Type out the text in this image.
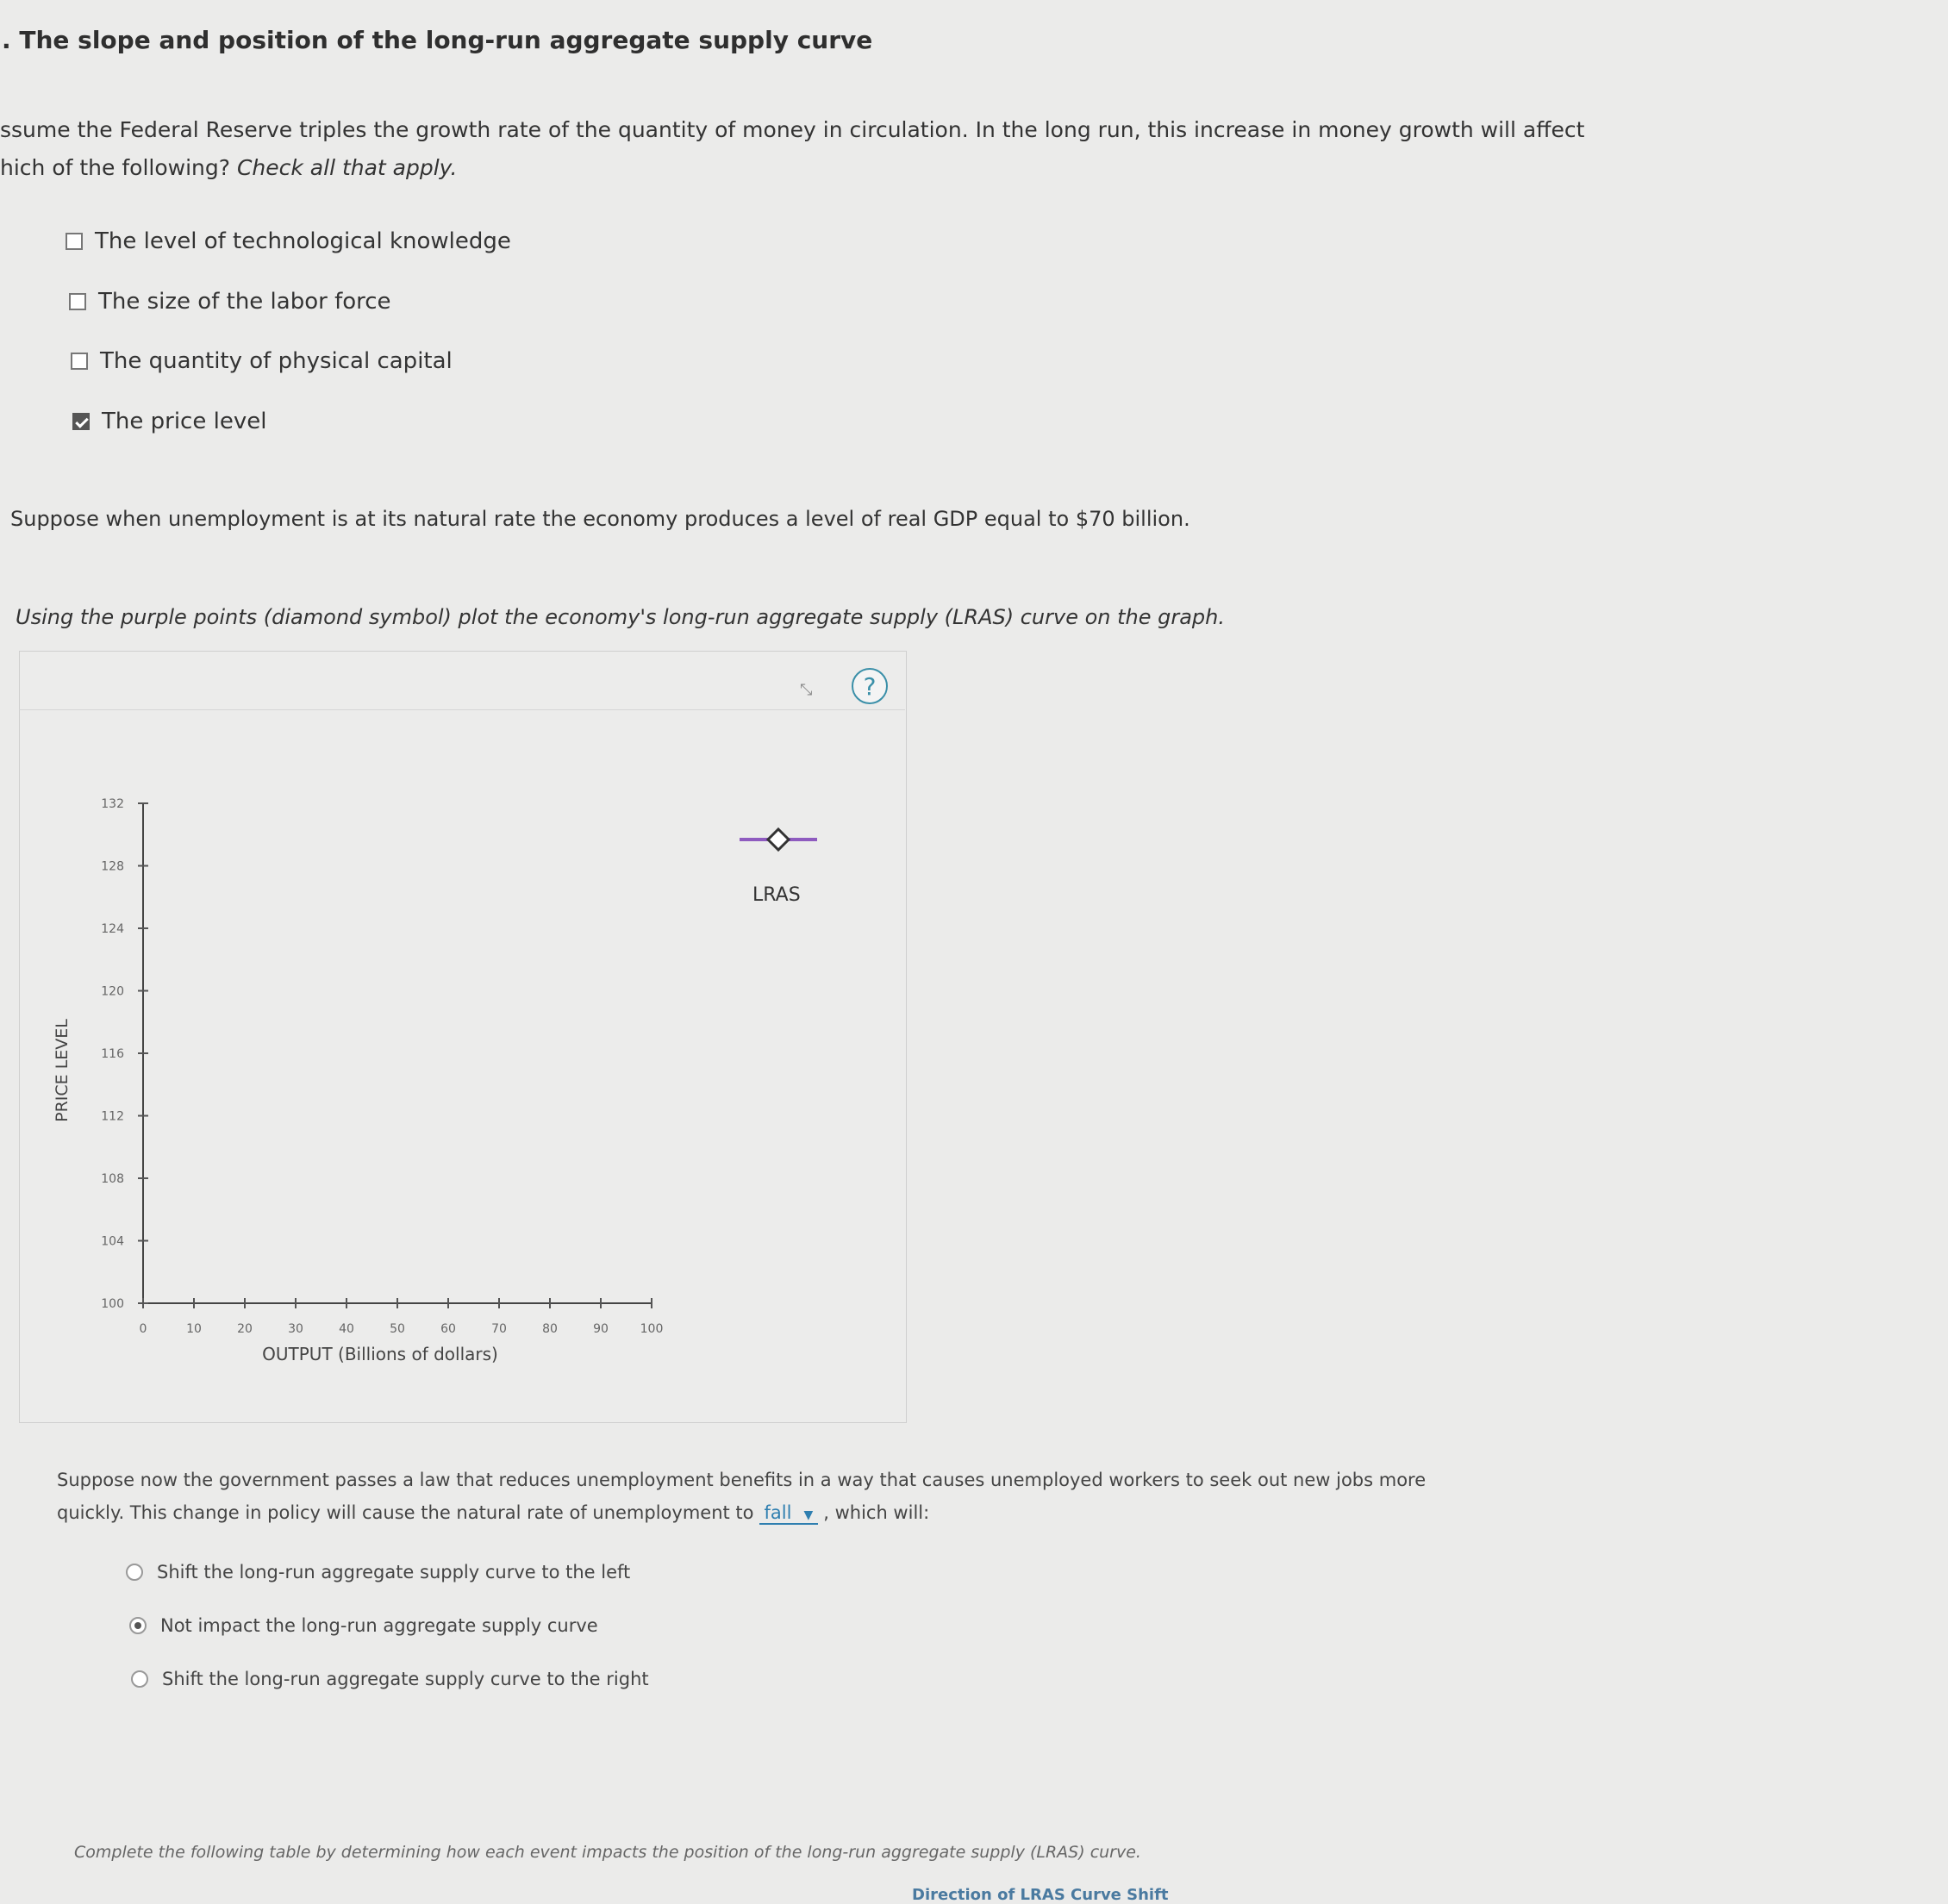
. The slope and position of the long-run aggregate supply curve
ssume the Federal Reserve triples the growth rate of the quantity of money in circulation. In the long run, this increase in money growth will affect
hich of the following? Check all that apply.
The level of technological knowledge
The size of the labor force
The quantity of physical capital
The price level
Suppose when unemployment is at its natural rate the economy produces a level of real GDP equal to $70 billion.
Using the purple points (diamond symbol) plot the economy's long-run aggregate supply (LRAS) curve on the graph.
⤡	?
0	10	20	30	40	50	60	70	80	90	100
100
104
108
112
116
120
124
128
132
OUTPUT (Billions of dollars)
PRICE LEVEL
LRAS
Suppose now the government passes a law that reduces unemployment benefits in a way that causes unemployed workers to seek out new jobs more
quickly. This change in policy will cause the natural rate of unemployment to fall ▼ , which will:
Shift the long-run aggregate supply curve to the left
Not impact the long-run aggregate supply curve
Shift the long-run aggregate supply curve to the right
Complete the following table by determining how each event impacts the position of the long-run aggregate supply (LRAS) curve.
Direction of LRAS Curve Shift
